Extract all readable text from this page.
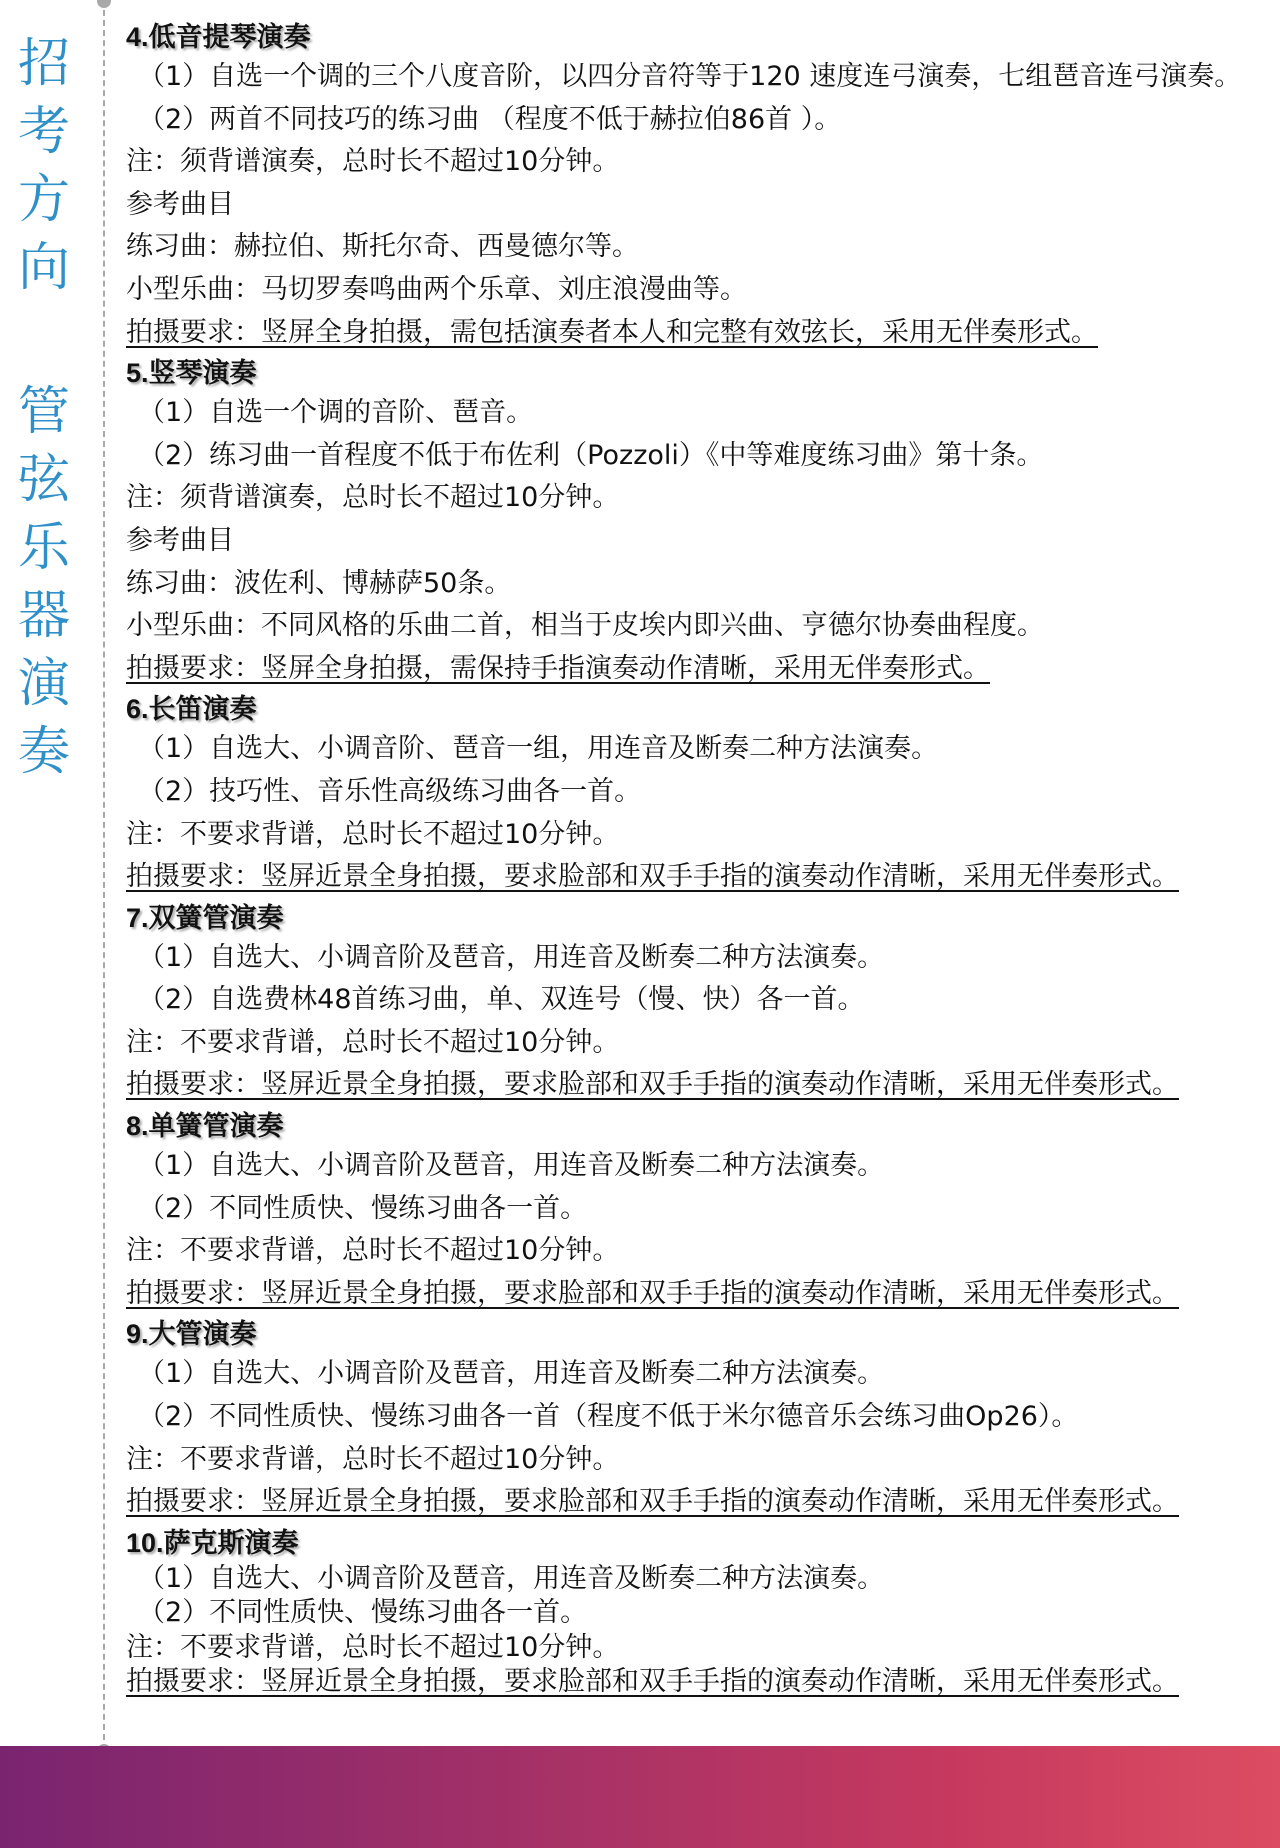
招
考
方
向
管
弦
乐
器
演
奏
4.低音提琴演奏
（1）自选一个调的三个八度音阶，以四分音符等于120 速度连弓演奏，七组琶音连弓演奏。
（2）两首不同技巧的练习曲 （程度不低于赫拉伯86首 ）。
注：须背谱演奏，总时长不超过10分钟。
参考曲目
练习曲：赫拉伯、斯托尔奇、西曼德尔等。
小型乐曲：马切罗奏鸣曲两个乐章、刘庄浪漫曲等。
拍摄要求：竖屏全身拍摄，需包括演奏者本人和完整有效弦长，采用无伴奏形式。
5.竖琴演奏
（1）自选一个调的音阶、琶音。
（2）练习曲一首程度不低于布佐利（Pozzoli）《中等难度练习曲》第十条。
注：须背谱演奏，总时长不超过10分钟。
参考曲目
练习曲：波佐利、博赫萨50条。
小型乐曲：不同风格的乐曲二首，相当于皮埃内即兴曲、亨德尔协奏曲程度。
拍摄要求：竖屏全身拍摄，需保持手指演奏动作清晰，采用无伴奏形式。
6.长笛演奏
（1）自选大、小调音阶、琶音一组，用连音及断奏二种方法演奏。
（2）技巧性、音乐性高级练习曲各一首。
注：不要求背谱，总时长不超过10分钟。
拍摄要求：竖屏近景全身拍摄，要求脸部和双手手指的演奏动作清晰，采用无伴奏形式。
7.双簧管演奏
（1）自选大、小调音阶及琶音，用连音及断奏二种方法演奏。
（2）自选费林48首练习曲，单、双连号（慢、快）各一首。
注：不要求背谱，总时长不超过10分钟。
拍摄要求：竖屏近景全身拍摄，要求脸部和双手手指的演奏动作清晰，采用无伴奏形式。
8.单簧管演奏
（1）自选大、小调音阶及琶音，用连音及断奏二种方法演奏。
（2）不同性质快、慢练习曲各一首。
注：不要求背谱，总时长不超过10分钟。
拍摄要求：竖屏近景全身拍摄，要求脸部和双手手指的演奏动作清晰，采用无伴奏形式。
9.大管演奏
（1）自选大、小调音阶及琶音，用连音及断奏二种方法演奏。
（2）不同性质快、慢练习曲各一首（程度不低于米尔德音乐会练习曲Op26）。
注：不要求背谱，总时长不超过10分钟。
拍摄要求：竖屏近景全身拍摄，要求脸部和双手手指的演奏动作清晰，采用无伴奏形式。
10.萨克斯演奏
（1）自选大、小调音阶及琶音，用连音及断奏二种方法演奏。
（2）不同性质快、慢练习曲各一首。
注：不要求背谱，总时长不超过10分钟。
拍摄要求：竖屏近景全身拍摄，要求脸部和双手手指的演奏动作清晰，采用无伴奏形式。
